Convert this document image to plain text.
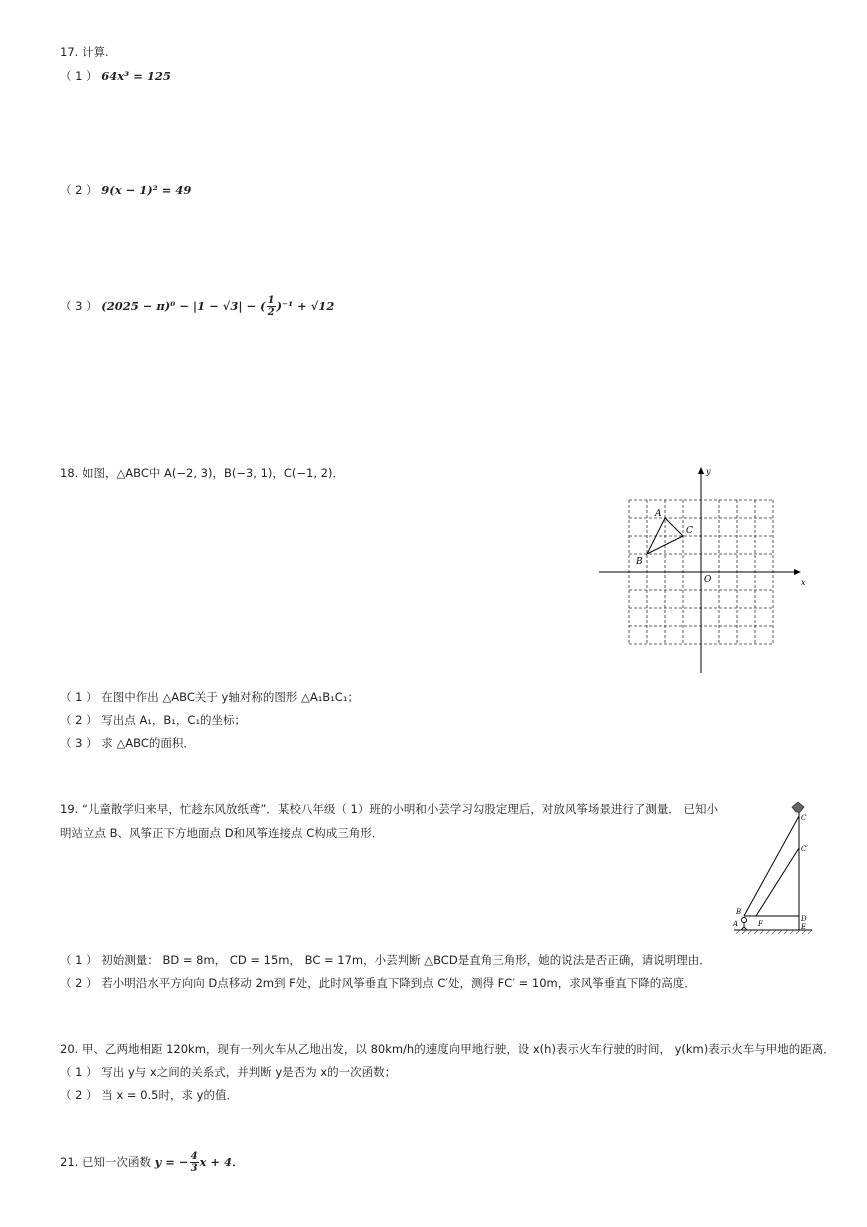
17. 计算.
（ 1 ） 64x³ = 125
（ 2 ） 9(x − 1)² = 49
（ 3 ） (2025 − π)⁰ − |1 − √3| − ( $\frac{1}{2} )^{-1} + √12$
18. 如图，△ABC中 A(−2, 3)，B(−3, 1)，C(−1, 2)．
x
y
O
A
B
C
（ 1 ） 在图中作出 △ABC关于 y轴对称的图形 △A₁B₁C₁；
（ 2 ） 写出点 A₁，B₁，C₁的坐标；
（ 3 ） 求 △ABC的面积．
19. “儿童散学归来早，忙趁东风放纸鸢”．某校八年级（ 1）班的小明和小芸学习勾股定理后，对放风筝场景进行了测量． 已知小
明站立点 B、风筝正下方地面点 D和风筝连接点 C构成三角形．
C
C′
B
A	F
D
E
（ 1 ） 初始测量： BD = 8m， CD = 15m， BC = 17m，小芸判断 △BCD是直角三角形，她的说法是否正确，请说明理由．
（ 2 ） 若小明沿水平方向向 D点移动 2m到 F处，此时风筝垂直下降到点 C′处，测得 FC′ = 10m，求风筝垂直下降的高度．
20. 甲、乙两地相距 120km，现有一列火车从乙地出发，以 80km/h的速度向甲地行驶，设 x(h)表示火车行驶的时间， y(km)表示火车与甲地的距离．
（ 1 ） 写出 y与 x之间的关系式，并判断 y是否为 x的一次函数；
（ 2 ） 当 x = 0.5时，求 y的值．
21. 已知一次函数 y = − $\frac{4}{3}$ x + 4．
